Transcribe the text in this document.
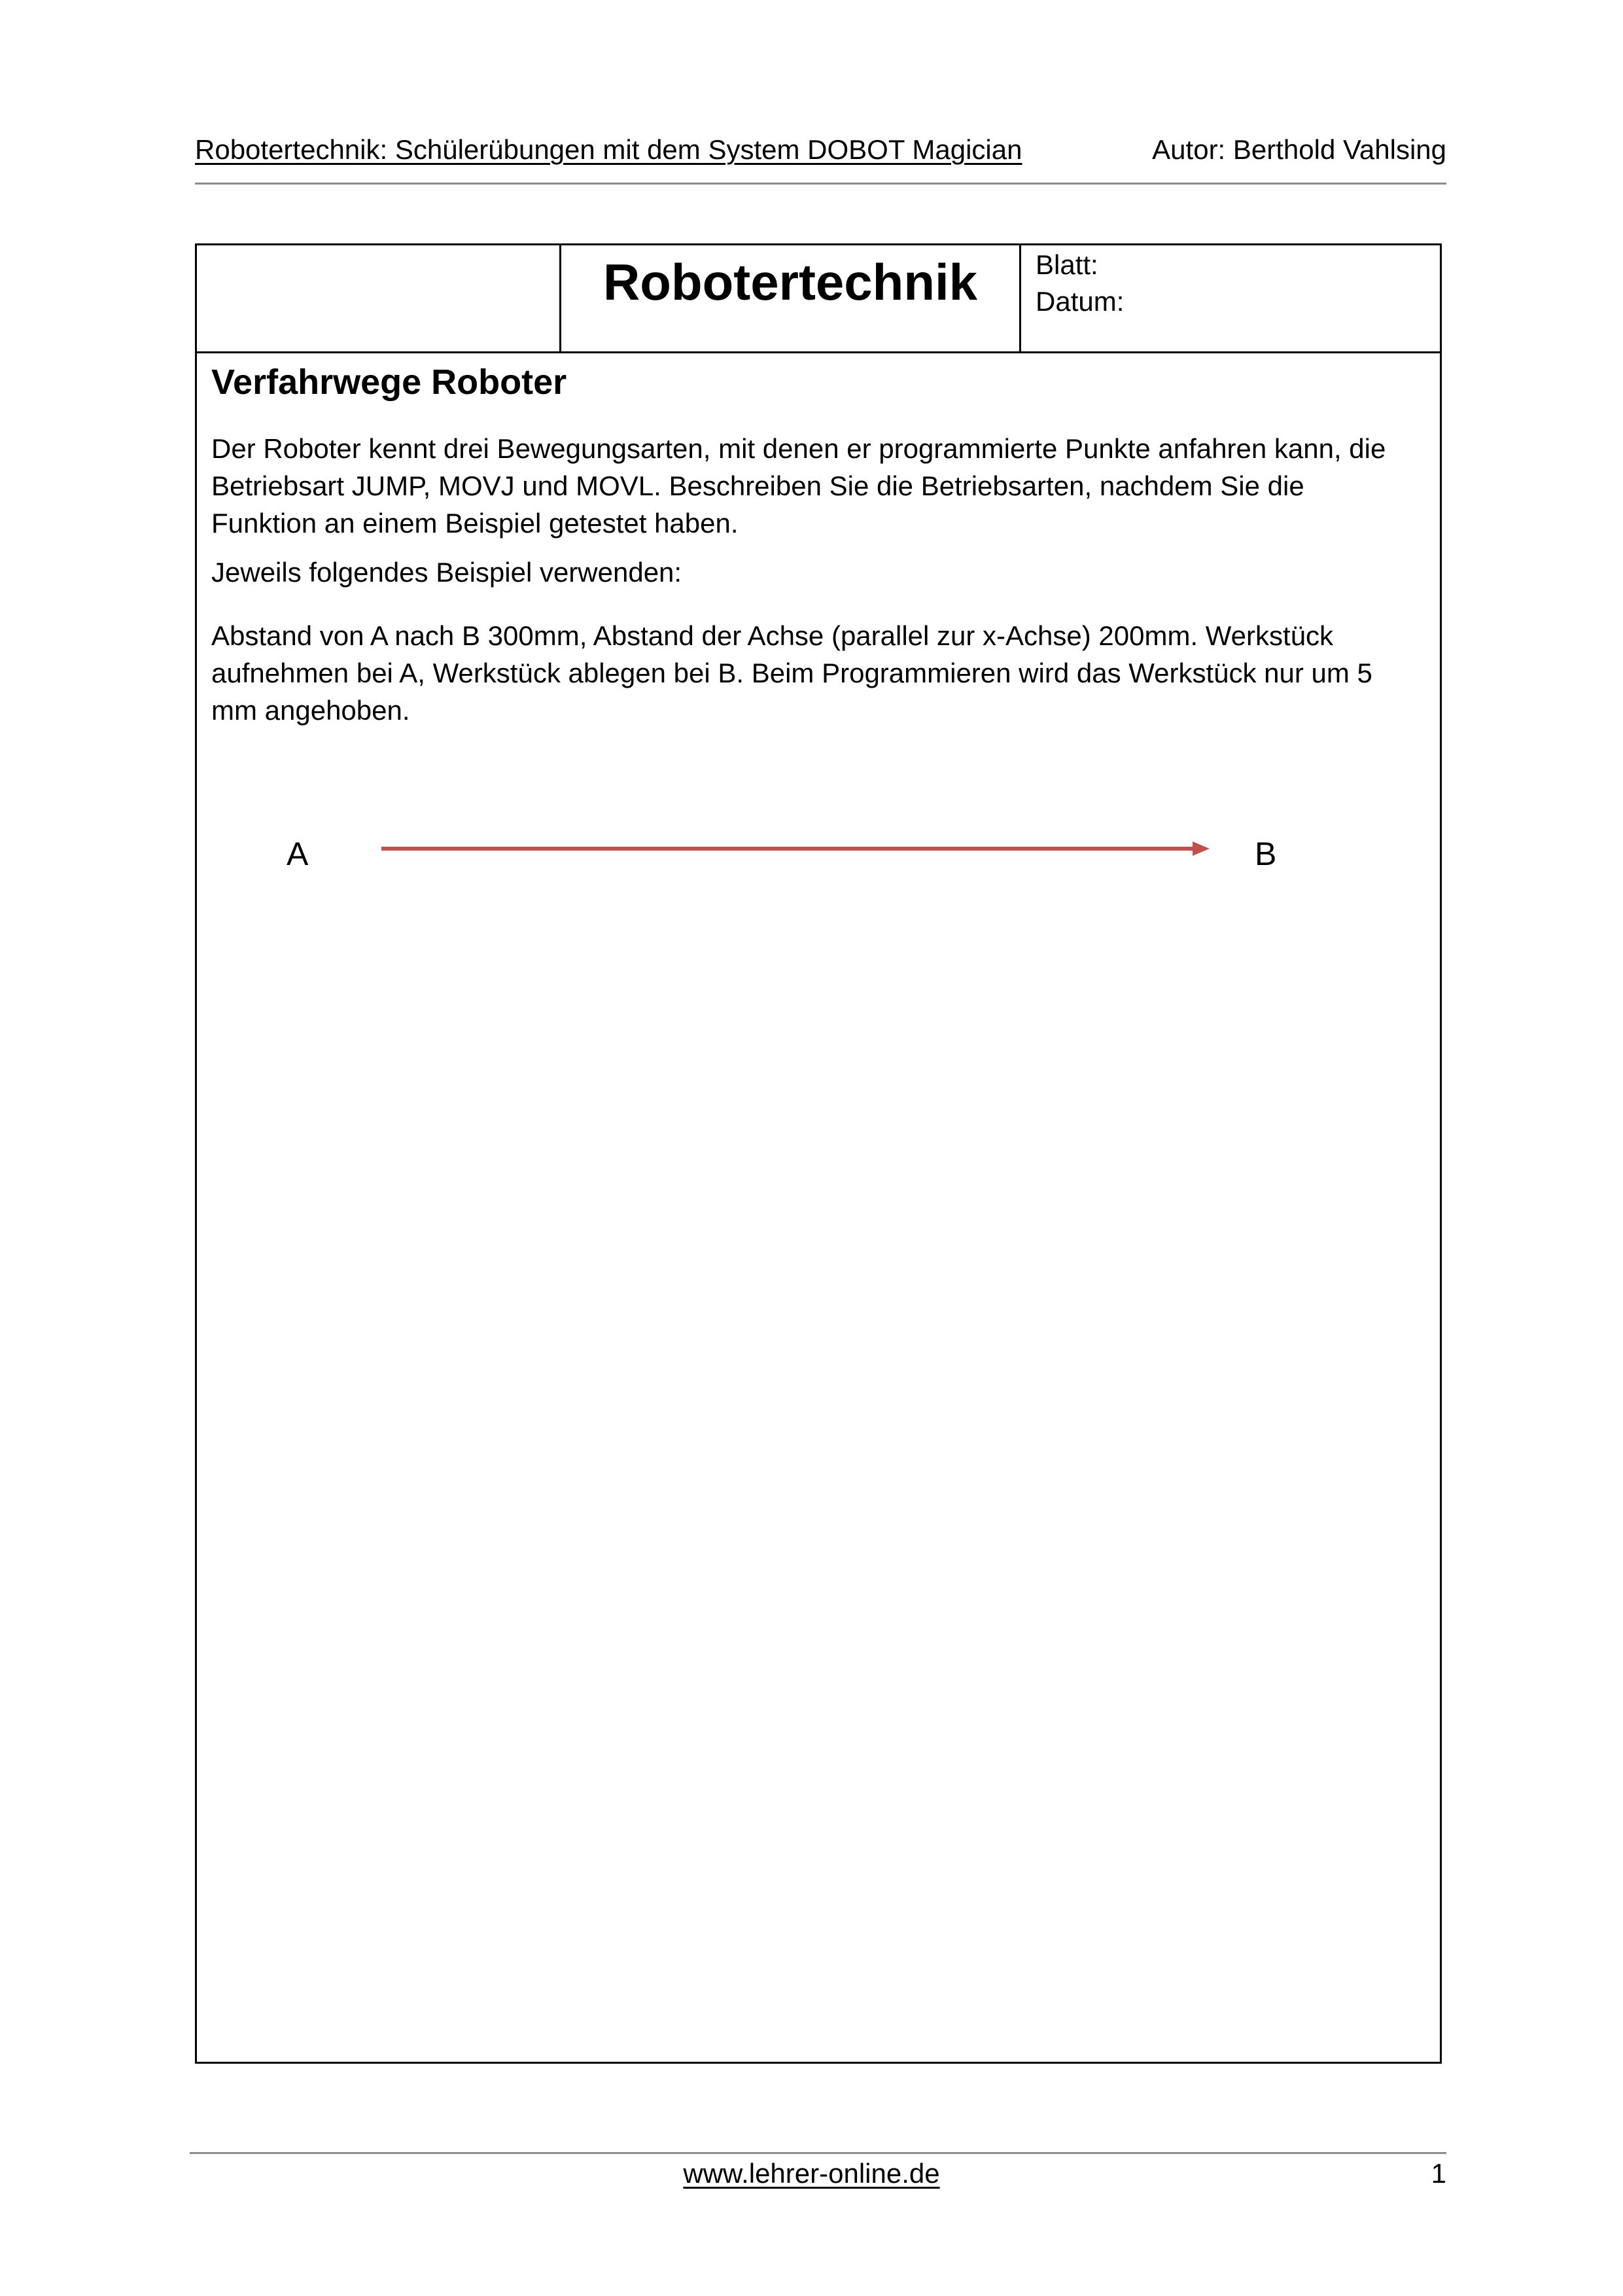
Robotertechnik: Schülerübungen mit dem System DOBOT Magician	Autor: Berthold Vahlsing
Robotertechnik	Blatt:
Datum:
Verfahrwege Roboter
Der Roboter kennt drei Bewegungsarten, mit denen er programmierte Punkte anfahren kann, die Betriebsart JUMP, MOVJ und MOVL. Beschreiben Sie die Betriebsarten, nachdem Sie die Funktion an einem Beispiel getestet haben.
Jeweils folgendes Beispiel verwenden:
Abstand von A nach B 300mm, Abstand der Achse (parallel zur x-Achse) 200mm. Werkstück aufnehmen bei A, Werkstück ablegen bei B. Beim Programmieren wird das Werkstück nur um 5 mm angehoben.
A	B
www.lehrer-online.de	1
